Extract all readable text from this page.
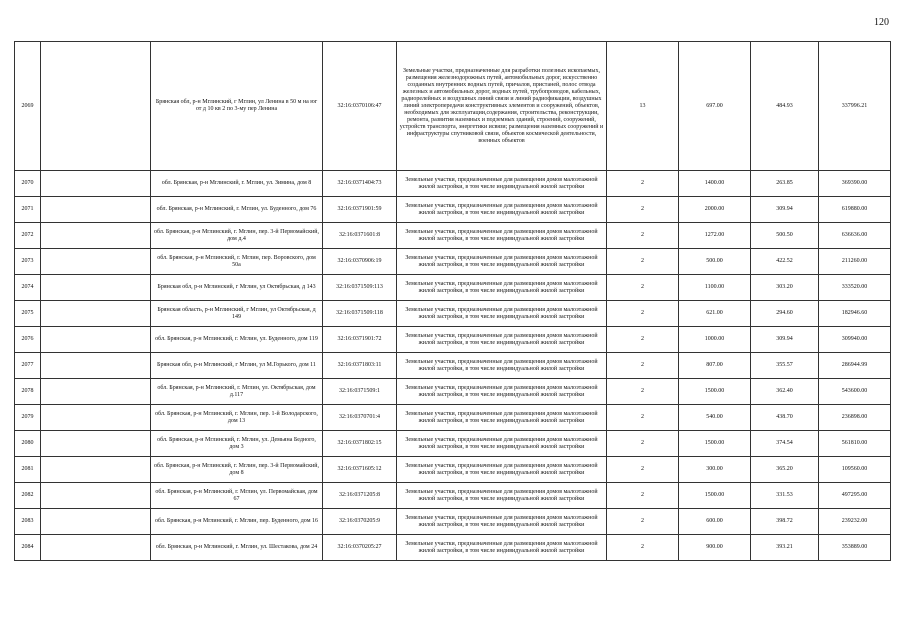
120
2069		Брянская обл, р-н Мглинский, г Мглин, ул Ленина в 50 м на юг от д 10 кв 2 по 3-му пер Ленина	32:16:0370106:47	Земельные участки, предназначенные для разработки полезных ископаемых, размещения железнодорожных путей, автомобильных дорог, искусственно созданных внутренних водных путей, причалов, пристаней, полос отвода железных и автомобильных дорог, водных путей, трубопроводов, кабельных, радиорелейных и воздушных линий связи и линий радиофикации, воздушных линий электропередачи конструктивных элементов и сооружений, объектов, необходимых для эксплуатации,содержания, строительства, реконструкции, ремонта, развития наземных и подземных зданий, строений, сооружений, устройств транспорта, энергетики исвязи; размещения наземных сооружений и инфраструктуры спутниковой связи, объектов космической деятельности, военных объектов	13	697.00	484.93	337996.21
2070		обл. Брянская, р-н Мглинский, г. Мглин, ул. Зимина, дом 8	32:16:0371404:73	Земельные участки, предназначенные для размещения домов малоэтажной жилой застройки, в том числе индивидуальной жилой застройки	2	1400.00	263.85	369390.00
2071		обл. Брянская, р-н Мглинский, г. Мглин, ул. Буденного, дом 76	32:16:0371901:59	Земельные участки, предназначенные для размещения домов малоэтажной жилой застройки, в том числе индивидуальной жилой застройки	2	2000.00	309.94	619880.00
2072		обл. Брянская, р-н Мглинский, г. Мглин, пер. 3-й Первомайский, дом д.4	32:16:0371601:8	Земельные участки, предназначенные для размещения домов малоэтажной жилой застройки, в том числе индивидуальной жилой застройки	2	1272.00	500.50	636636.00
2073		обл. Брянская, р-н Мглинский, г. Мглин, пер. Воровского, дом 50а	32:16:0370906:19	Земельные участки, предназначенные для размещения домов малоэтажной жилой застройки, в том числе индивидуальной жилой застройки	2	500.00	422.52	211260.00
2074		Брянская обл, р-н Мглинский, г Мглин, ул Октябрьская, д 143	32:16:0371509:113	Земельные участки, предназначенные для размещения домов малоэтажной жилой застройки, в том числе индивидуальной жилой застройки	2	1100.00	303.20	333520.00
2075		Брянская область, р-н Мглинский, г Мглин, ул Октябрьская, д 149	32:16:0371509:118	Земельные участки, предназначенные для размещения домов малоэтажной жилой застройки, в том числе индивидуальной жилой застройки	2	621.00	294.60	182946.60
2076		обл. Брянская, р-н Мглинский, г. Мглин, ул. Буденного, дом 119	32:16:0371901:72	Земельные участки, предназначенные для размещения домов малоэтажной жилой застройки, в том числе индивидуальной жилой застройки	2	1000.00	309.94	309940.00
2077		Брянская обл, р-н Мглинский, г Мглин, ул М.Горького, дом 11	32:16:0371803:11	Земельные участки, предназначенные для размещения домов малоэтажной жилой застройки, в том числе индивидуальной жилой застройки	2	807.00	355.57	286944.99
2078		обл. Брянская, р-н Мглинский, г. Мглин, ул. Октябрьская, дом д.117	32:16:0371509:1	Земельные участки, предназначенные для размещения домов малоэтажной жилой застройки, в том числе индивидуальной жилой застройки	2	1500.00	362.40	543600.00
2079		обл. Брянская, р-н Мглинский, г. Мглин, пер. 1-й Володарского, дом 13	32:16:0370701:4	Земельные участки, предназначенные для размещения домов малоэтажной жилой застройки, в том числе индивидуальной жилой застройки	2	540.00	438.70	236898.00
2080		обл. Брянская, р-н Мглинский, г. Мглин, ул. Демьяна Бедного, дом 3	32:16:0371802:15	Земельные участки, предназначенные для размещения домов малоэтажной жилой застройки, в том числе индивидуальной жилой застройки	2	1500.00	374.54	561810.00
2081		обл. Брянская, р-н Мглинский, г. Мглин, пер. 3-й Первомайский, дом 8	32:16:0371605:12	Земельные участки, предназначенные для размещения домов малоэтажной жилой застройки, в том числе индивидуальной жилой застройки	2	300.00	365.20	109560.00
2082		обл. Брянская, р-н Мглинский, г. Мглин, ул. Первомайская, дом 67	32:16:0371205:8	Земельные участки, предназначенные для размещения домов малоэтажной жилой застройки, в том числе индивидуальной жилой застройки	2	1500.00	331.53	497295.00
2083		обл. Брянская, р-н Мглинский, г. Мглин, пер. Буденного, дом 16	32:16:0370205:9	Земельные участки, предназначенные для размещения домов малоэтажной жилой застройки, в том числе индивидуальной жилой застройки	2	600.00	398.72	239232.00
2084		обл. Брянская, р-н Мглинский, г. Мглин, ул. Шестакова, дом 24	32:16:0370205:27	Земельные участки, предназначенные для размещения домов малоэтажной жилой застройки, в том числе индивидуальной жилой застройки	2	900.00	393.21	353889.00
